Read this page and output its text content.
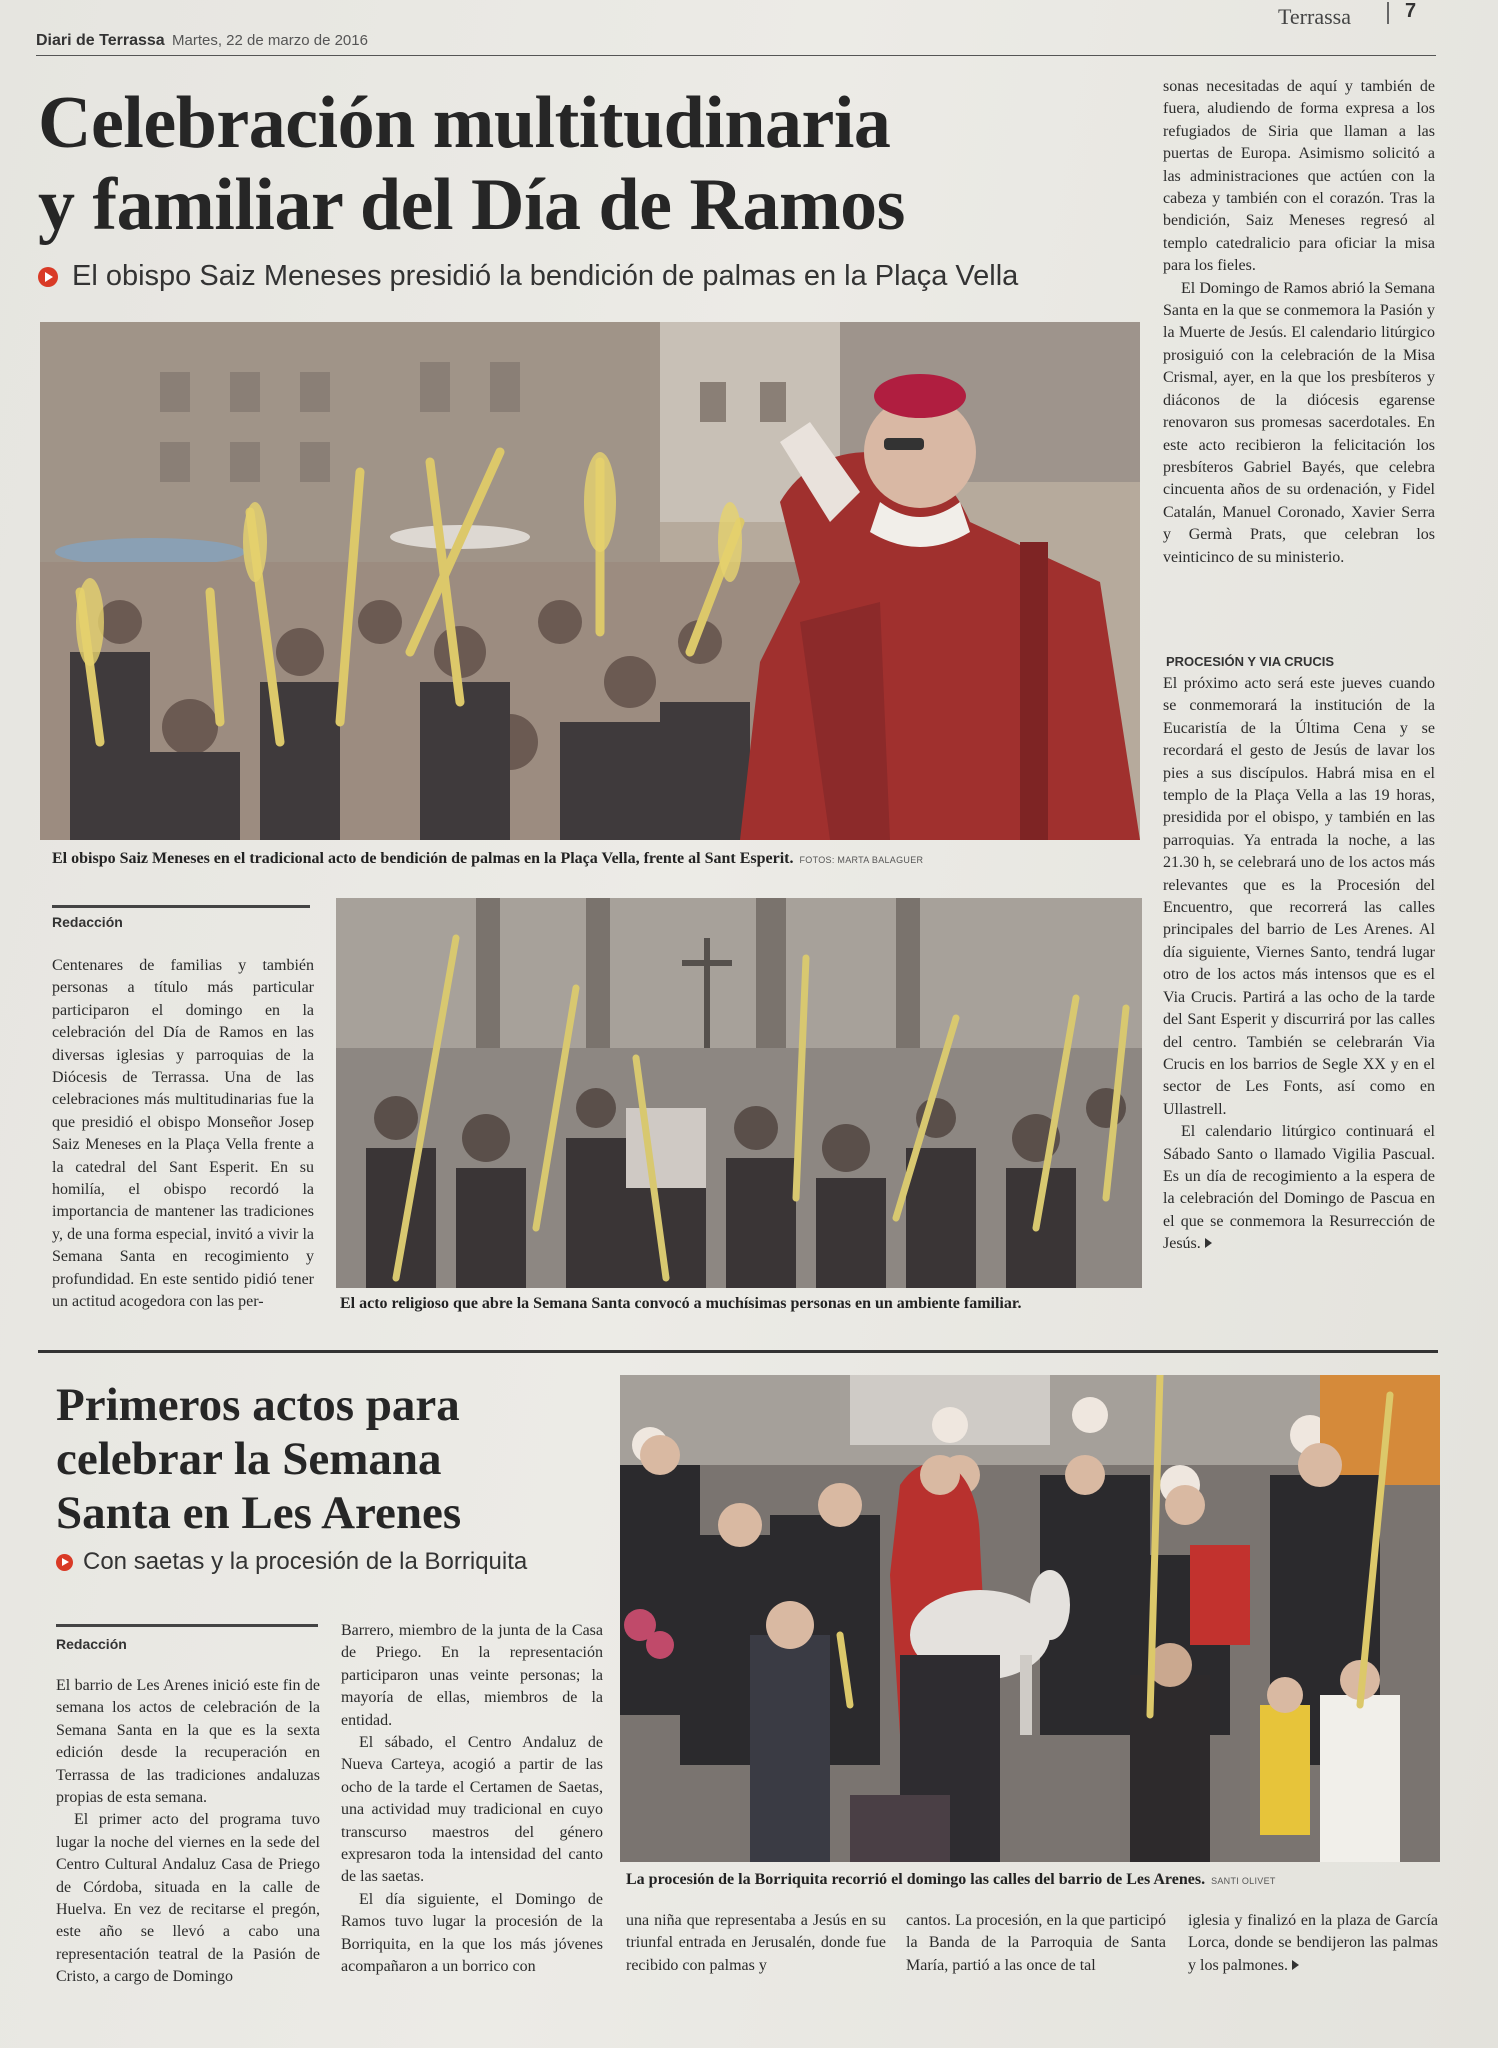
Diari de Terrassa Martes, 22 de marzo de 2016
Terrassa	7
Celebración multitudinaria
y familiar del Día de Ramos
El obispo Saiz Meneses presidió la bendición de palmas en la Plaça Vella
El obispo Saiz Meneses en el tradicional acto de bendición de palmas en la Plaça Vella, frente al Sant Esperit. FOTOS: MARTA BALAGUER
Redacción

Centenares de familias y también personas a título más particular participaron el domingo en la celebración del Día de Ramos en las diversas iglesias y parroquias de la Diócesis de Terrassa. Una de las celebraciones más multitudinarias fue la que presidió el obispo Monseñor Josep Saiz Meneses en la Plaça Vella frente a la catedral del Sant Esperit. En su homilía, el obispo recordó la importancia de mantener las tradiciones y, de una forma especial, invitó a vivir la Semana Santa en recogimiento y profundidad. En este sentido pidió tener un actitud acogedora con las per-	El acto religioso que abre la Semana Santa convocó a muchísimas personas en un ambiente familiar.

sonas necesitadas de aquí y también de fuera, aludiendo de forma expresa a los refugiados de Siria que llaman a las puertas de Europa. Asimismo solicitó a las administraciones que actúen con la cabeza y también con el corazón. Tras la bendición, Saiz Meneses regresó al templo catedralicio para oficiar la misa para los fieles.

El Domingo de Ramos abrió la Semana Santa en la que se conmemora la Pasión y la Muerte de Jesús. El calendario litúrgico prosiguió con la celebración de la Misa Crismal, ayer, en la que los presbíteros y diáconos de la diócesis egarense renovaron sus promesas sacerdotales. En este acto recibieron la felicitación los presbíteros Gabriel Bayés, que celebra cincuenta años de su ordenación, y Fidel Catalán, Manuel Coronado, Xavier Serra y Germà Prats, que celebran los veinticinco de su ministerio.

PROCESIÓN Y VIA CRUCIS

El próximo acto será este jueves cuando se conmemorará la institución de la Eucaristía de la Última Cena y se recordará el gesto de Jesús de lavar los pies a sus discípulos. Habrá misa en el templo de la Plaça Vella a las 19 horas, presidida por el obispo, y también en las parroquias. Ya entrada la noche, a las 21.30 h, se celebrará uno de los actos más relevantes que es la Procesión del Encuentro, que recorrerá las calles principales del barrio de Les Arenes. Al día siguiente, Viernes Santo, tendrá lugar otro de los actos más intensos que es el Via Crucis. Partirá a las ocho de la tarde del Sant Esperit y discurrirá por las calles del centro. También se celebrarán Via Crucis en los barrios de Segle XX y en el sector de Les Fonts, así como en Ullastrell.

El calendario litúrgico continuará el Sábado Santo o llamado Vigilia Pascual. Es un día de recogimiento a la espera de la celebración del Domingo de Pascua en el que se conmemora la Resurrección de Jesús.

Primeros actos para
celebrar la Semana
Santa en Les Arenes
Con saetas y la procesión de la Borriquita
La procesión de la Borriquita recorrió el domingo las calles del barrio de Les Arenes. SANTI OLIVET
Redacción

El barrio de Les Arenes inició este fin de semana los actos de celebración de la Semana Santa en la que es la sexta edición desde la recuperación en Terrassa de las tradiciones andaluzas propias de esta semana.

El primer acto del programa tuvo lugar la noche del viernes en la sede del Centro Cultural Andaluz Casa de Priego de Córdoba, situada en la calle de Huelva. En vez de recitarse el pregón, este año se llevó a cabo una representación teatral de la Pasión de Cristo, a cargo de Domingo

Barrero, miembro de la junta de la Casa de Priego. En la representación participaron unas veinte personas; la mayoría de ellas, miembros de la entidad.

El sábado, el Centro Andaluz de Nueva Carteya, acogió a partir de las ocho de la tarde el Certamen de Saetas, una actividad muy tradicional en cuyo transcurso maestros del género expresaron toda la intensidad del canto de las saetas.

El día siguiente, el Domingo de Ramos tuvo lugar la procesión de la Borriquita, en la que los más jóvenes acompañaron a un borrico con

una niña que representaba a Jesús en su triunfal entrada en Jerusalén, donde fue recibido con palmas y

cantos. La procesión, en la que participó la Banda de la Parroquia de Santa María, partió a las once de tal

iglesia y finalizó en la plaza de García Lorca, donde se bendijeron las palmas y los palmones.
